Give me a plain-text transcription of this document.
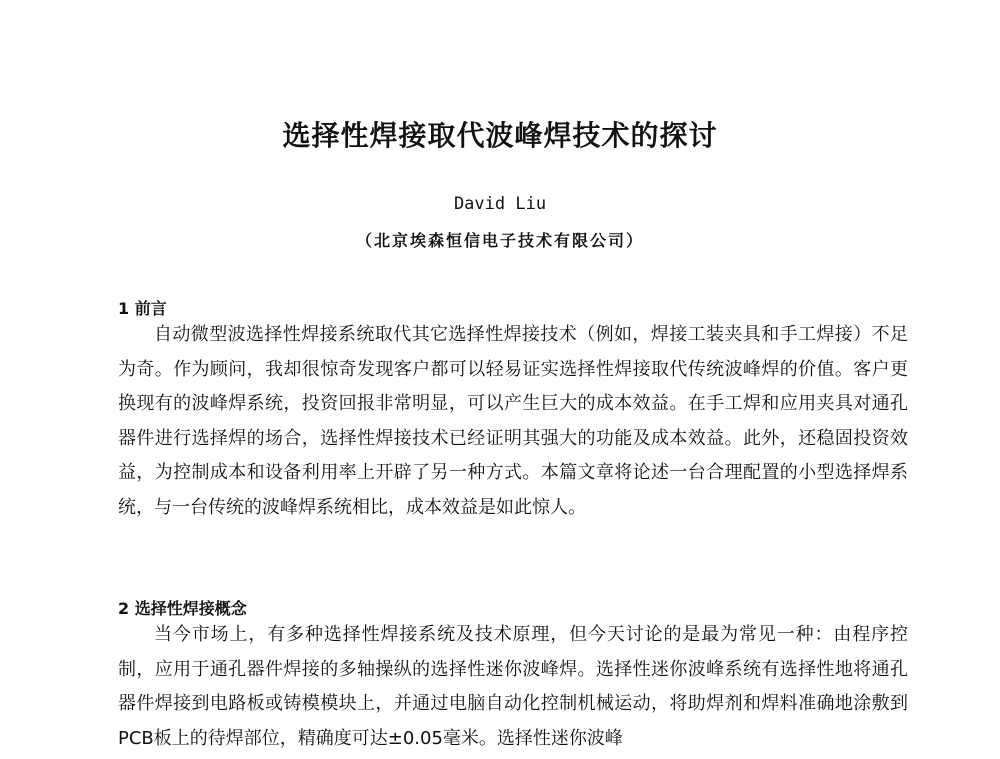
选择性焊接取代波峰焊技术的探讨
David Liu
（北京埃森恒信电子技术有限公司）
1 前言

自动微型波选择性焊接系统取代其它选择性焊接技术（例如，焊接工装夹具和手工焊接）不足为奇。作为顾问，我却很惊奇发现客户都可以轻易证实选择性焊接取代传统波峰焊的价值。客户更换现有的波峰焊系统，投资回报非常明显，可以产生巨大的成本效益。在手工焊和应用夹具对通孔器件进行选择焊的场合，选择性焊接技术已经证明其强大的功能及成本效益。此外，还稳固投资效益，为控制成本和设备利用率上开辟了另一种方式。本篇文章将论述一台合理配置的小型选择焊系统，与一台传统的波峰焊系统相比，成本效益是如此惊人。

2 选择性焊接概念

当今市场上，有多种选择性焊接系统及技术原理，但今天讨论的是最为常见一种：由程序控制，应用于通孔器件焊接的多轴操纵的选择性迷你波峰焊。选择性迷你波峰系统有选择性地将通孔器件焊接到电路板或铸模模块上，并通过电脑自动化控制机械运动，将助焊剂和焊料准确地涂敷到PCB板上的待焊部位，精确度可达±0.05毫米。选择性迷你波峰
